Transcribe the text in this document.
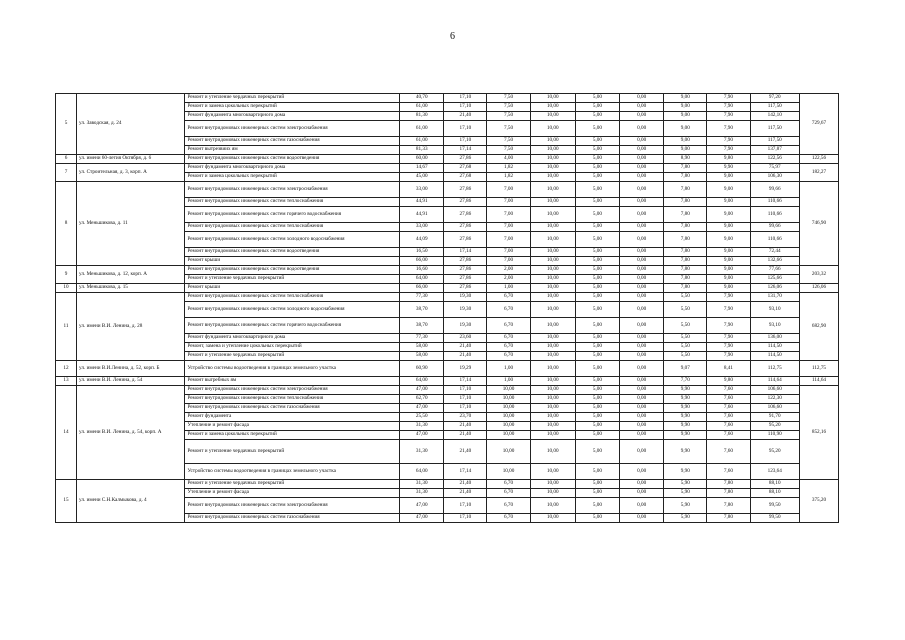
6
5	ул. Заводская, д. 24	Ремонт и утепление чердачных перекрытий	40,70	17,10	7,50	10,00	5,00	0,00	9,00	7,90	97,20	729,67
		Ремонт и замена цокольных перекрытий	61,00	17,10	7,50	10,00	5,00	0,00	9,00	7,90	117,50	
		Ремонт фундамента многоквартирного дома	81,30	21,40	7,50	10,00	5,00	0,00	9,00	7,90	142,10	
		Ремонт внутридомовых инженерных систем электроснабжения	61,00	17,10	7,50	10,00	5,00	0,00	9,00	7,90	117,50	
		Ремонт внутридомовых инженерных систем газоснабжения	61,00	17,10	7,50	10,00	5,00	0,00	9,00	7,90	117,50	
		Ремонт вытрезвиих ям	81,33	17,14	7,50	10,00	5,00	0,00	9,00	7,90	137,87	
6	ул. имени 60-летия Октября, д. 6	Ремонт внутридомовых инженерных систем водоотведения	60,00	27,86	4,00	10,00	5,00	0,00	8,90	9,80	122,56	122,56
7	ул. Строительная, д. 3, корп. А	Ремонт фундамента многоквартирного дома	14,67	27,68	1,82	10,00	5,00	0,00	7,80	9,90	75,97	182,27
		Ремонт и замена цокольных перекрытий	45,00	27,68	1,82	10,00	5,00	0,00	7,80	9,00	106,30	
8	ул. Меньшикова, д. 11	Ремонт внутридомовых инженерных систем электроснабжения	33,00	27,86	7,00	10,00	5,00	0,00	7,80	9,00	99,66	746,90
		Ремонт внутридомовых инженерных систем теплоснабжения	44,91	27,86	7,00	10,00	5,00	0,00	7,80	9,00	110,66	
		Ремонт внутридомовых инженерных систем горячего водоснабжения	44,91	27,86	7,00	10,00	5,00	0,00	7,80	9,00	110,66	
		Ремонт внутридомовых инженерных систем теплоснабжения	33,00	27,86	7,00	10,00	5,00	0,00	7,80	9,00	99,66	
		Ремонт внутридомовых инженерных систем холодного водоснабжения	44,09	27,86	7,00	10,00	5,00	0,00	7,80	9,00	110,66	
		Ремонт внутридомовых инженерных систем водоотведения	16,50	17,14	7,00	10,00	5,00	0,00	7,80	9,00	72,44	
		Ремонт крыши	66,00	27,86	7,00	10,00	5,00	0,00	7,80	9,00	132,66	
9	ул. Меньшикова, д. 12, корп. А	Ремонт внутридомовых инженерных систем водоотведения	16,60	27,86	2,00	10,00	5,00	0,00	7,80	9,00	77,66	203,32
		Ремонт и утепление чердачных перекрытий	64,00	27,86	2,00	10,00	5,00	0,00	7,80	9,00	125,66	
10	ул. Меньшикова, д. 15	Ремонт крыши	66,00	27,86	1,00	10,00	5,00	0,00	7,80	9,00	126,06	126,06
11	ул. имени В.И. Ленина, д. 28	Ремонт внутридомовых инженерных систем теплоснабжения	77,30	19,30	6,70	10,00	5,00	0,00	5,50	7,90	131,70	682,90
		Ремонт внутридомовых инженерных систем холодного водоснабжения	38,70	19,30	6,70	10,00	5,00	0,00	5,50	7,90	93,10	
		Ремонт внутридомовых инженерных систем горячего водоснабжения	38,70	19,30	6,70	10,00	5,00	0,00	5,50	7,90	93,10	
		Ремонт фундамента многоквартирного дома	77,30	23,60	6,70	10,00	5,00	0,00	5,50	7,90	136,00	
		Ремонт, замена и утепление цокольных перекрытий	58,00	21,40	6,70	10,00	5,00	0,00	5,50	7,90	114,50	
		Ремонт и утепление чердачных перекрытий	58,00	21,40	6,70	10,00	5,00	0,00	5,50	7,90	114,50	
12	ул. имени В.И.Ленина, д. 52, корп. Б	Устройство системы водоотведения в границах земельного участка	60,90	19,29	1,00	10,00	5,00	0,00	9,07	8,41	112,75	112,75
13	ул. имени В.И. Ленина, д. 54	Ремонт выгребных ям	64,00	17,14	1,00	10,00	5,00	0,00	7,70	9,80	114,64	114,64
14	ул. имени В.И. Ленина, д. 54, корп. А	Ремонт внутридомовых инженерных систем электроснабжения	47,00	17,10	10,00	10,00	5,00	0,00	9,90	7,60	106,60	852,16
		Ремонт внутридомовых инженерных систем теплоснабжения	62,70	17,10	10,00	10,00	5,00	0,00	9,90	7,60	122,30	
		Ремонт внутридомовых инженерных систем газоснабжения	47,00	17,10	10,00	10,00	5,00	0,00	9,90	7,60	106,60	
		Ремонт фундамента	25,50	23,70	10,00	10,00	5,00	0,00	9,90	7,60	91,70	
		Утепление и ремонт фасада	31,30	21,40	10,00	10,00	5,00	0,00	9,90	7,60	95,20	
		Ремонт и замена цокольных перекрытий	47,00	21,40	10,00	10,00	5,00	0,00	9,90	7,60	110,90	
		Ремонт и утепление чердачных перекрытий	31,30	21,40	10,00	10,00	5,00	0,00	9,90	7,60	95,20	
		Устройство системы водоотведения в границах земельного участка	64,00	17,14	10,00	10,00	5,00	0,00	9,90	7,60	123,64	
15	ул. имени С.Н.Калмыкова, д. 4	Ремонт и утепление чердачных перекрытий	31,30	21,40	6,70	10,00	5,00	0,00	5,90	7,80	88,10	375,20
		Утепление и ремонт фасада	31,30	21,40	6,70	10,00	5,00	0,00	5,90	7,80	88,10	
		Ремонт внутридомовых инженерных систем электроснабжения	47,00	17,10	6,70	10,00	5,00	0,00	5,90	7,80	99,50	
		Ремонт внутридомовых инженерных систем газоснабжения	47,00	17,10	6,70	10,00	5,00	0,00	5,90	7,80	99,50	
